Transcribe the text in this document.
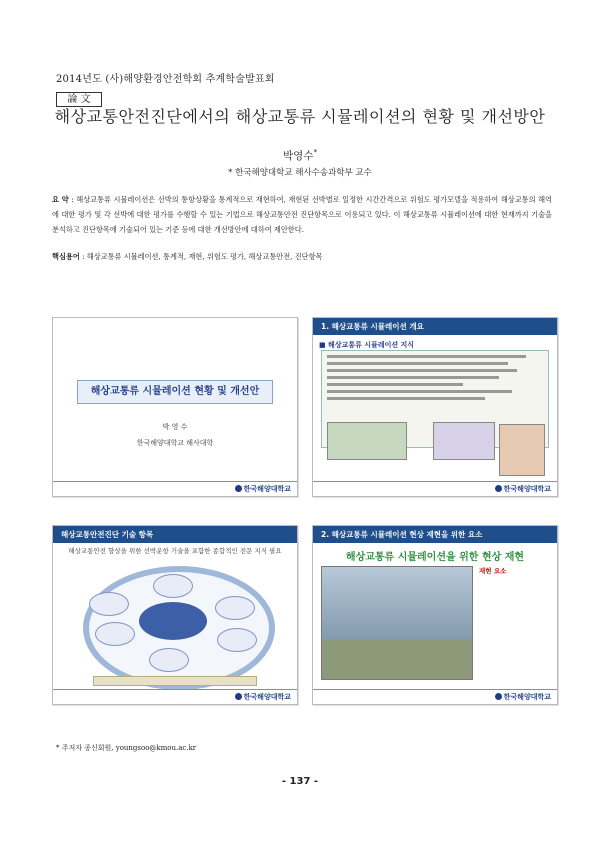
2014년도 (사)해양환경안전학회 추계학술발표회
論 文
해상교통안전진단에서의 해상교통류 시뮬레이션의 현황 및 개선방안
박영수*
* 한국해양대학교 해사수송과학부 교수
요 약 : 해상교통류 시뮬레이션은 선박의 통항상황을 통계적으로 재현하여, 재현된 선박별로 일정한 시간간격으로 위험도 평가모델을 적용하여 해상교통의 해역에 대한 평가 및 각 선박에 대한 평가를 수행할 수 있는 기법으로 해상교통안전 진단항목으로 이용되고 있다. 이 해상교통류 시뮬레이션에 대한 현재까지 기술을 분석하고 진단항목에 기술되어 있는 기준 등에 대한 개선방안에 대하여 제안한다.
핵심용어 : 해상교통류 시뮬레이션, 통계적, 재현, 위험도 평가, 해상교통안전, 진단항목
해상교통류 시뮬레이션 현황 및 개선안
박 영 수
한국해양대학교 해사대학
한국해양대학교
1. 해상교통류 시뮬레이션 개요
■ 해상교통류 시뮬레이션 지식
한국해양대학교
해상교통안전진단 기술 항목
해상교통안전 향상을 위한 선박운항 기술을 포함한 종합적인 전문 지식 필요
한국해양대학교
2. 해상교통류 시뮬레이션 현상 재현을 위한 요소
해상교통류 시뮬레이션을 위한 현상 재현
재현 요소
한국해양대학교
* 주저자 종신회원, youngsoo@kmou.ac.kr
- 137 -
